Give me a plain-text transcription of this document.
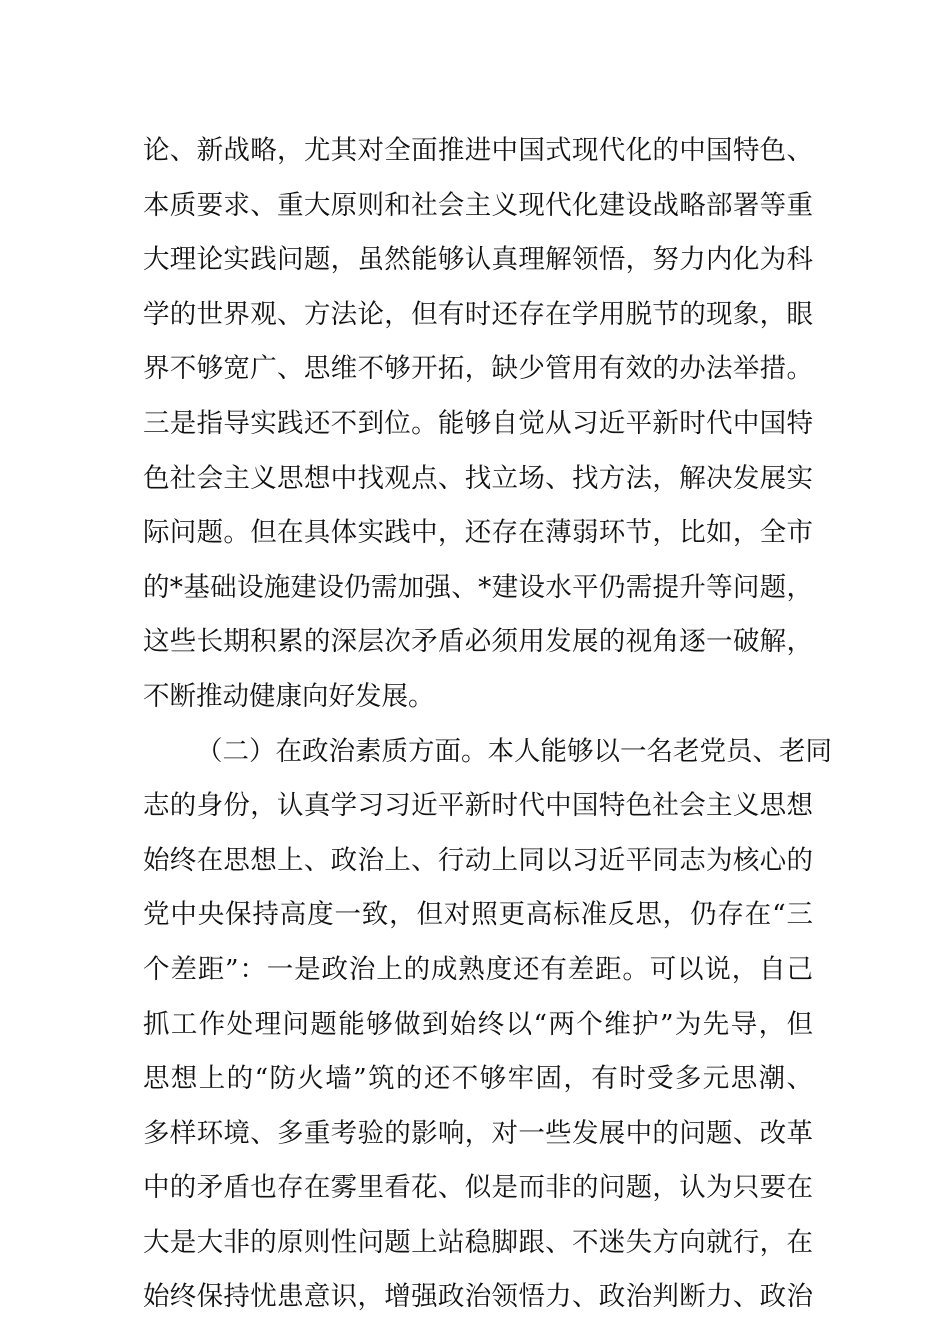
论、新战略，尤其对全面推进中国式现代化的中国特色、
本质要求、重大原则和社会主义现代化建设战略部署等重
大理论实践问题，虽然能够认真理解领悟，努力内化为科
学的世界观、方法论，但有时还存在学用脱节的现象，眼
界不够宽广、思维不够开拓，缺少管用有效的办法举措。
三是指导实践还不到位。能够自觉从习近平新时代中国特
色社会主义思想中找观点、找立场、找方法，解决发展实
际问题。但在具体实践中，还存在薄弱环节，比如，全市
的*基础设施建设仍需加强、*建设水平仍需提升等问题，
这些长期积累的深层次矛盾必须用发展的视角逐一破解，
不断推动健康向好发展。
（二）在政治素质方面。本人能够以一名老党员、老同
志的身份，认真学习习近平新时代中国特色社会主义思想
始终在思想上、政治上、行动上同以习近平同志为核心的
党中央保持高度一致，但对照更高标准反思，仍存在“三
个差距”：一是政治上的成熟度还有差距。可以说，自己
抓工作处理问题能够做到始终以“两个维护”为先导，但
思想上的“防火墙”筑的还不够牢固，有时受多元思潮、
多样环境、多重考验的影响，对一些发展中的问题、改革
中的矛盾也存在雾里看花、似是而非的问题，认为只要在
大是大非的原则性问题上站稳脚跟、不迷失方向就行，在
始终保持忧患意识，增强政治领悟力、政治判断力、政治
